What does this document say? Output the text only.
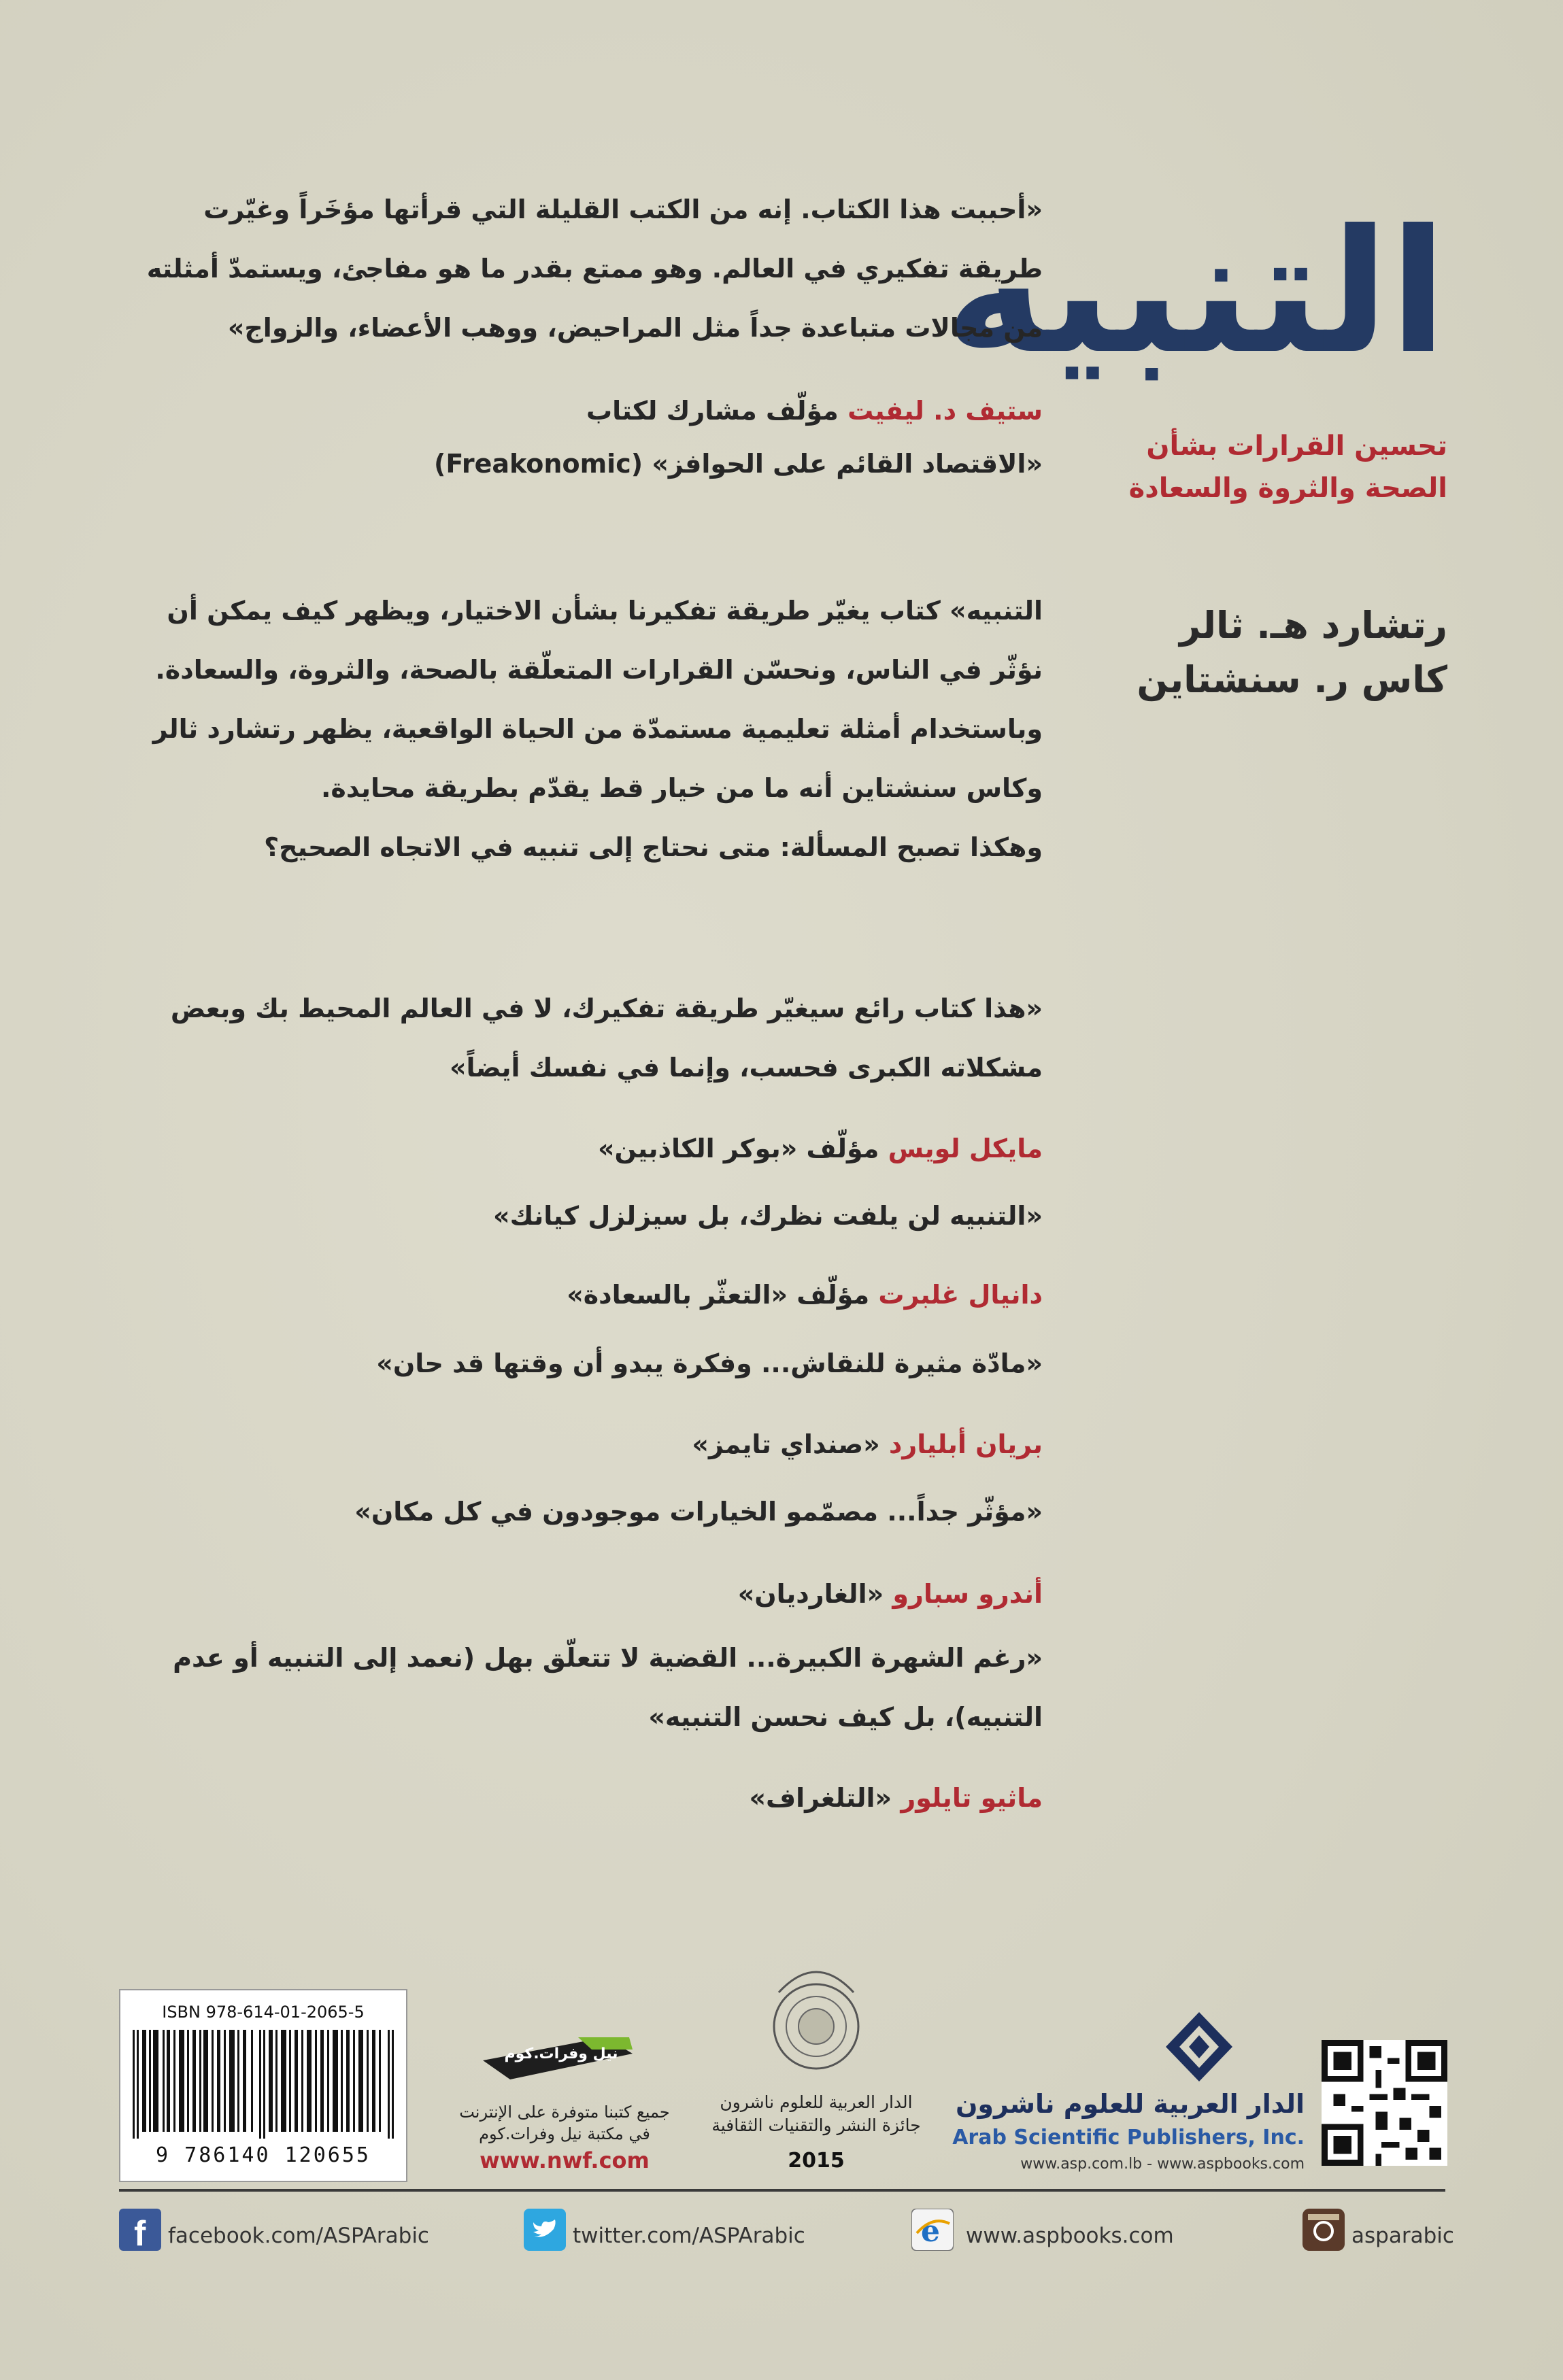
التنبيه
تحسين القرارات بشأن
الصحة والثروة والسعادة
رتشارد هـ. ثالر
كاس ر. سنشتاين
«أحببت هذا الكتاب. إنه من الكتب القليلة التي قرأتها مؤخَراً وغيّرت
طريقة تفكيري في العالم. وهو ممتع بقدر ما هو مفاجئ، ويستمدّ أمثلته
من مجالات متباعدة جداً مثل المراحيض، ووهب الأعضاء، والزواج»
ستيف د. ليفيت مؤلّف مشارك لكتاب
«الاقتصاد القائم على الحوافز» (Freakonomic)
التنبيه» كتاب يغيّر طريقة تفكيرنا بشأن الاختيار، ويظهر كيف يمكن أن
نؤثّر في الناس، ونحسّن القرارات المتعلّقة بالصحة، والثروة، والسعادة.
وباستخدام أمثلة تعليمية مستمدّة من الحياة الواقعية، يظهر رتشارد ثالر
وكاس سنشتاين أنه ما من خيار قط يقدّم بطريقة محايدة.
وهكذا تصبح المسألة: متى نحتاج إلى تنبيه في الاتجاه الصحيح؟
«هذا كتاب رائع سيغيّر طريقة تفكيرك، لا في العالم المحيط بك وبعض
مشكلاته الكبرى فحسب، وإنما في نفسك أيضاً»
مايكل لويس مؤلّف «بوكر الكاذبين»
«التنبيه لن يلفت نظرك، بل سيزلزل كيانك»
دانيال غلبرت مؤلّف «التعثّر بالسعادة»
«مادّة مثيرة للنقاش... وفكرة يبدو أن وقتها قد حان»
بريان أبليارد «صنداي تايمز»
«مؤثّر جداً... مصمّمو الخيارات موجودون في كل مكان»
أندرو سبارو «الغارديان»
«رغم الشهرة الكبيرة... القضية لا تتعلّق بهل (نعمد إلى التنبيه أو عدم
التنبيه)، بل كيف نحسن التنبيه»
ماثيو تايلور «التلغراف»
ISBN 978-614-01-2065-5
9 786140 120655
نيل وفرات.كوم
جميع كتبنا متوفرة على الإنترنت
في مكتبة نيل وفرات.كوم
www.nwf.com
الدار العربية للعلوم ناشرون
جائزة النشر والتقنيات الثقافية
2015
الدار العربية للعلوم ناشرون
Arab Scientific Publishers, Inc.
www.asp.com.lb - www.aspbooks.com
f facebook.com/ASPArabic	twitter.com/ASPArabic	e www.aspbooks.com	asparabic
